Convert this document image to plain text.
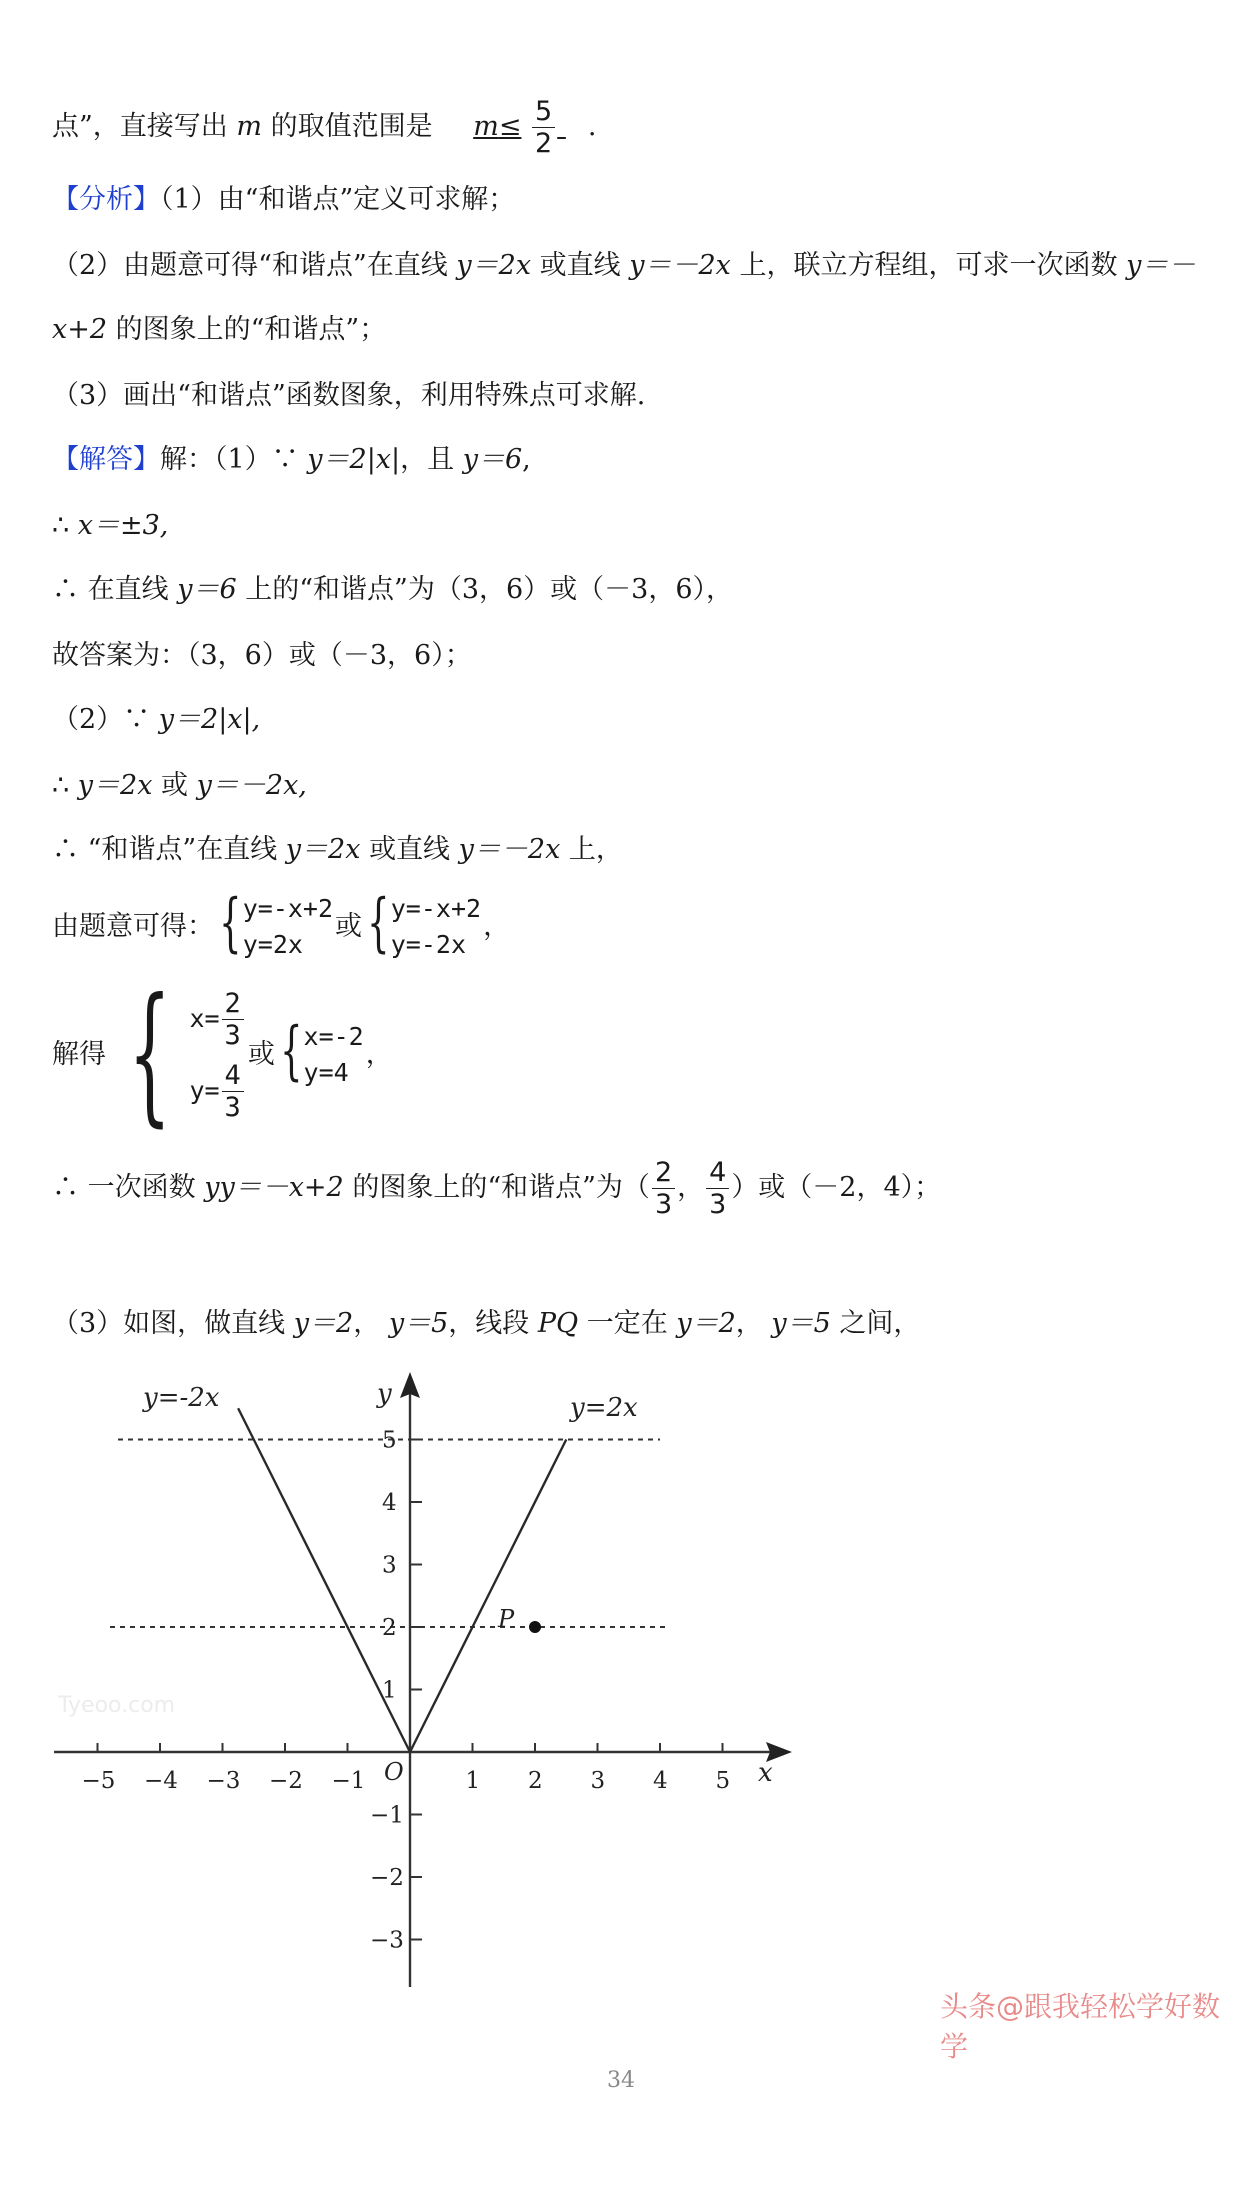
点”，直接写出 m 的取值范围是 $m\le \frac{5}{2}$ .
【分析】（1）由“和谐点”定义可求解；
（2）由题意可得“和谐点”在直线 y＝2x 或直线 y＝－2x 上，联立方程组，可求一次函数 y＝－
x+2 的图象上的“和谐点”；
（3）画出“和谐点”函数图象，利用特殊点可求解.
【解答】解：（1）∵ y＝2|x|，且 y＝6,
∴ x＝±3,
∴ 在直线 y＝6 上的“和谐点”为（3，6）或（－3，6），
故答案为：（3，6）或（－3，6）；
（2）∵ y＝2|x|,
∴ y＝2x 或 y＝－2x,
∴ “和谐点”在直线 y＝2x 或直线 y＝－2x 上，
由题意可得： { y=-x+2
y=2x
或 { y=-x+2
y=-2x
，
解得 { $x= \frac{2}{3}$
$y= \frac{4}{3}$
或 { x=-2
y=4
，
∴ 一次函数
yy＝－x+2
的图象上的“和谐点”为（ $\frac{2}{3}$ ， $\frac{4}{3}$ ）或（－2，4）；
（3）如图，做直线 y＝2， y＝5，线段 PQ 一定在 y＝2， y＝5 之间，
x
y
O
Tyeoo.com
−5 −4 −3 −2 −1	1 2 3 4 5
5
4
3
2
1
−1
−2
−3
y=-2x	y=2x
P
头条@跟我轻松学好数学
34
